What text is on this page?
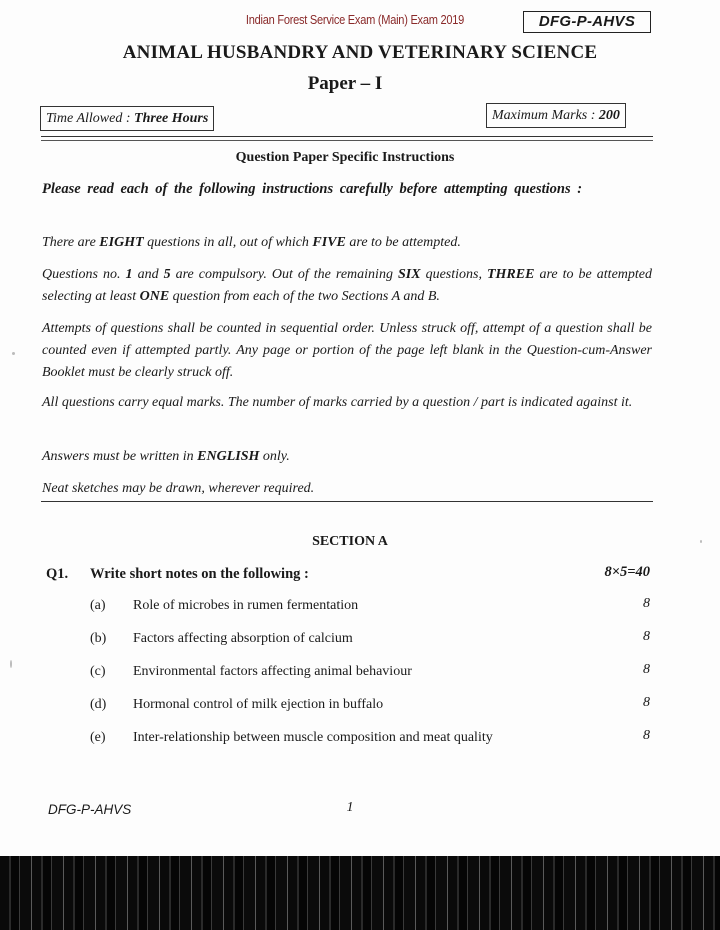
Indian Forest Service Exam (Main) Exam 2019	DFG-P-AHVS
ANIMAL HUSBANDRY AND VETERINARY SCIENCE
Paper – I
Time Allowed : Three Hours	Maximum Marks : 200
Question Paper Specific Instructions
Please read each of the following instructions carefully before attempting questions :
There are EIGHT questions in all, out of which FIVE are to be attempted.
Questions no. 1 and 5 are compulsory. Out of the remaining SIX questions, THREE are to be attempted selecting at least ONE question from each of the two Sections A and B.
Attempts of questions shall be counted in sequential order. Unless struck off, attempt of a question shall be counted even if attempted partly. Any page or portion of the page left blank in the Question-cum-Answer Booklet must be clearly struck off.
All questions carry equal marks. The number of marks carried by a question / part is indicated against it.
Answers must be written in ENGLISH only.
Neat sketches may be drawn, wherever required.
SECTION A
Q1. Write short notes on the following :	8×5=40
(a)	Role of microbes in rumen fermentation	8
(b)	Factors affecting absorption of calcium	8
(c)	Environmental factors affecting animal behaviour	8
(d)	Hormonal control of milk ejection in buffalo	8
(e)	Inter-relationship between muscle composition and meat quality	8
DFG-P-AHVS	1
